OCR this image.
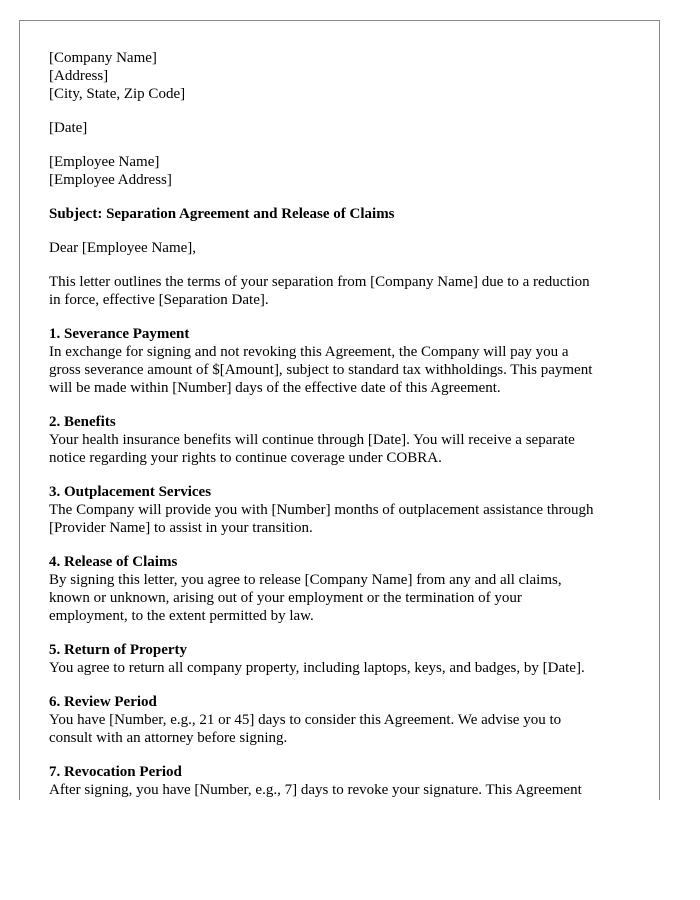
[Company Name]
[Address]
[City, State, Zip Code]
[Date]
[Employee Name]
[Employee Address]
Subject: Separation Agreement and Release of Claims
Dear [Employee Name],
This letter outlines the terms of your separation from [Company Name] due to a reduction
in force, effective [Separation Date].
1. Severance Payment
In exchange for signing and not revoking this Agreement, the Company will pay you a
gross severance amount of $[Amount], subject to standard tax withholdings. This payment
will be made within [Number] days of the effective date of this Agreement.
2. Benefits
Your health insurance benefits will continue through [Date]. You will receive a separate
notice regarding your rights to continue coverage under COBRA.
3. Outplacement Services
The Company will provide you with [Number] months of outplacement assistance through
[Provider Name] to assist in your transition.
4. Release of Claims
By signing this letter, you agree to release [Company Name] from any and all claims,
known or unknown, arising out of your employment or the termination of your
employment, to the extent permitted by law.
5. Return of Property
You agree to return all company property, including laptops, keys, and badges, by [Date].
6. Review Period
You have [Number, e.g., 21 or 45] days to consider this Agreement. We advise you to
consult with an attorney before signing.
7. Revocation Period
After signing, you have [Number, e.g., 7] days to revoke your signature. This Agreement
